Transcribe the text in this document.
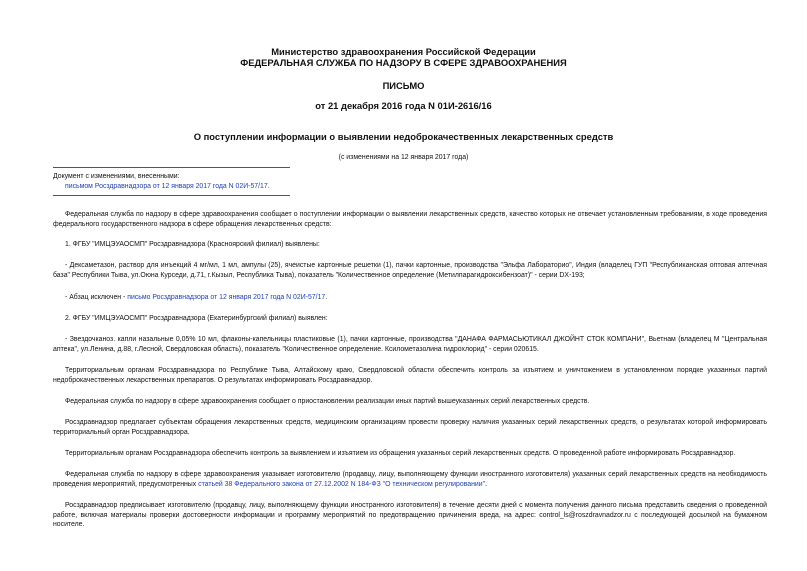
Министерство здравоохранения Российской Федерации
ФЕДЕРАЛЬНАЯ СЛУЖБА ПО НАДЗОРУ В СФЕРЕ ЗДРАВООХРАНЕНИЯ
ПИСЬМО
от 21 декабря 2016 года N 01И-2616/16
О поступлении информации о выявлении недоброкачественных лекарственных средств
(с изменениями на 12 января 2017 года)
Документ с изменениями, внесенными:
письмом Росздравнадзора от 12 января 2017 года N 02И-57/17.

Федеральная служба по надзору в сфере здравоохранения сообщает о поступлении информации о выявлении лекарственных средств, качество которых не отвечает установленным требованиям, в ходе проведения федерального государственного надзора в сфере обращения лекарственных средств:

1. ФГБУ "ИМЦЭУАОСМП" Росздравнадзора (Красноярский филиал) выявлены:

- Дексаметазон, раствор для инъекций 4 мг/мл, 1 мл, ампулы (25), ячеистые картонные решетки (1), пачки картонные, производства "Эльфа Лабораторио", Индия (владелец ГУП "Республиканская оптовая аптечная база" Республики Тыва, ул.Оюна Курседи, д.71, г.Кызыл, Республика Тыва), показатель "Количественное определение (Метилпарагидроксибензоат)" - серии DX-193;

- Абзац исключен - письмо Росздравнадзора от 12 января 2017 года N 02И-57/17.

2. ФГБУ "ИМЦЭУАОСМП" Росздравнадзора (Екатеринбургский филиал) выявлен:

- Звездочканоз. капли назальные 0,05% 10 мл, флаконы-капельницы пластиковые (1), пачки картонные, производства "ДАНАФА ФАРМАСЬЮТИКАЛ ДЖОЙНТ СТОК КОМПАНИ", Вьетнам (владелец М "Центральная аптека", ул.Ленина, д.88, г.Лесной, Свердловская область), показатель "Количественное определение. Ксилометазолина гидрохлорид" - серии 020615.

Территориальным органам Росздравнадзора по Республике Тыва, Алтайскому краю, Свердловской области обеспечить контроль за изъятием и уничтожением в установленном порядке указанных партий недоброкачественных лекарственных препаратов. О результатах информировать Росздравнадзор.

Федеральная служба по надзору в сфере здравоохранения сообщает о приостановлении реализации иных партий вышеуказанных серий лекарственных средств.

Росздравнадзор предлагает субъектам обращения лекарственных средств, медицинским организациям провести проверку наличия указанных серий лекарственных средств, о результатах которой информировать территориальный орган Росздравнадзора.

Территориальным органам Росздравнадзора обеспечить контроль за выявлением и изъятием из обращения указанных серий лекарственных средств. О проведенной работе информировать Росздравнадзор.

Федеральная служба по надзору в сфере здравоохранения указывает изготовителю (продавцу, лицу, выполняющему функции иностранного изготовителя) указанных серий лекарственных средств на необходимость проведения мероприятий, предусмотренных статьей 38 Федерального закона от 27.12.2002 N 184-ФЗ "О техническом регулировании".

Росздравнадзор предписывает изготовителю (продавцу, лицу, выполняющему функции иностранного изготовителя) в течение десяти дней с момента получения данного письма представить сведения о проведенной работе, включая материалы проверки достоверности информации и программу мероприятий по предотвращению причинения вреда, на адрес: control_ls@roszdravnadzor.ru с последующей досылкой на бумажном носителе.
